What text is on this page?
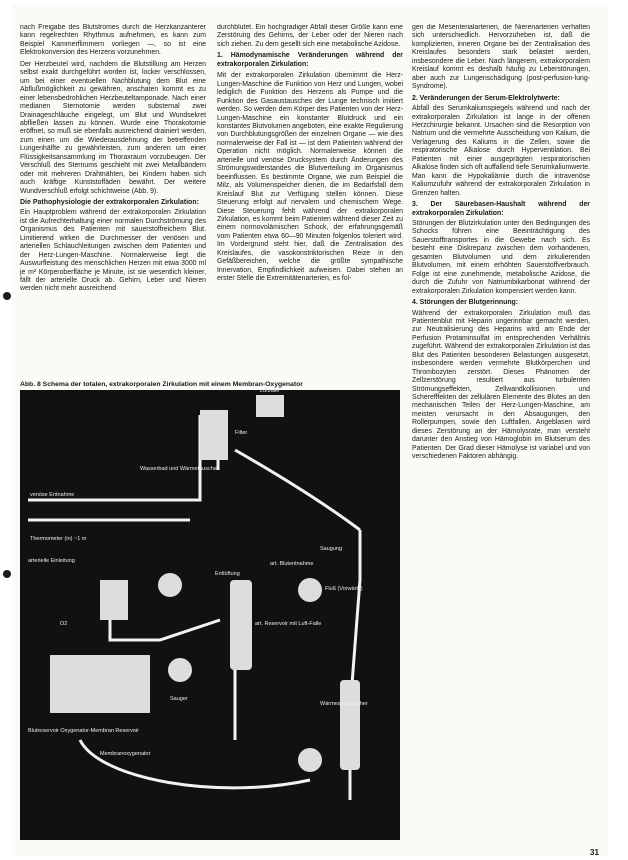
nach Freigabe des Blutstromes durch die Herzkanzanterer kann regelrechten Rhythmus aufnehmen, es kann zum Beispiel Kammerflimmern vorliegen —, so ist eine Elektrokonversion des Herzens vorzunehmen.

Der Herzbeutel wird, nachdem die Blutstillung am Herzen selbst exakt durchgeführt worden ist, locker verschlossen, um bei einer eventuellen Nachblutung dem Blut eine Abflußmöglichkeit zu gewähren, anschaten kommt es zu einer lebensbedrohlichen Herzbeuteltamponade. Nach einer medianen Sternotomie werden substernal zwei Drainageschläuche eingelegt, um Blut und Wundsekret abfließen lassen zu können. Wurde eine Thorakotomie eröffnet, so muß sie ebenfalls ausreichend drainiert werden, zum einen um die Wiederausdehnung der betreffenden Lungenhälfte zu gewährleisten, zum anderen um einer Flüssigkeitsansammlung im Thoraxraum vorzubeugen. Der Verschluß des Sternums geschieht mit zwei Metallbändern oder mit mehreren Drahtnähten, bei Kindern haben sich auch kräftige Kunststoffäden bewährt. Der weitere Wundverschluß erfolgt schichtweise (Abb. 9).

Die Pathophysiologie der extrakorporalen Zirkulation:

Ein Hauptproblem während der extrakorporalen Zirkulation ist die Aufrechterhaltung einer normalen Durchströmung des Organismus des Patienten mit sauerstoffreichem Blut. Limitierend wirken die Durchmesser der venösen und arteriellen Schlauchleitungen zwischen dem Patienten und der Herz-Lungen-Maschine. Normalerweise liegt die Auswurfleistung des menschlichen Herzen mit etwa 3000 ml je m² Körperoberfläche je Minute, ist sie wesentlich kleiner, fällt der arterielle Druck ab. Gehirn, Leber und Nieren werden nicht mehr ausreichend

durchblutet. Ein hochgradiger Abfall dieser Größe kann eine Zerstörung des Gehirns, der Leber oder der Nieren nach sich ziehen. Zu dem gesellt sich eine metabolische Azidose.

1. Hämodynamische Veränderungen während der extrakorporalen Zirkulation:

Mit der extrakorporalen Zirkulation übernimmt die Herz-Lungen-Maschine die Funktion von Herz und Lungen, wobei lediglich die Funktion des Herzens als Pumpe und die Funktion des Gasaustausches der Lunge technisch imitiert werden. So werden dem Körper des Patienten von der Herz-Lungen-Maschine ein konstanter Blutdruck und ein konstantes Blutvolumen angeboten, eine exakte Regulierung von Durchblutungsgrößen der einzelnen Organe — wie dies normalerweise der Fall ist — ist dem Patienten während der Operation nicht möglich. Normalerweise können die arterielle und venöse Drucksystem durch Änderungen des Strömungswiderstandes die Blutverteilung im Organismus beeinflussen. Es bestimmte Organe, wie zum Beispiel die Milz, als Volumenspeicher dienen, die im Bedarfsfall dem Kreislauf Blut zur Verfügung stellen können. Diese Steuerung erfolgt auf nervalem und chemischem Wege. Diese Steuerung fehlt während der extrakorporalen Zirkulation, es kommt beim Patienten während dieser Zeit zu einem normovolämischen Schock, der erfahrungsgemäß vom Patienten etwa 60—90 Minuten folgenlos toleriert wird. Im Vordergrund steht hier, daß die Zentralisation des Kreislaufes, die vasokonstriktorischen Reize in den Gefäßbereichen, welche die größte sympathische Innervation, Empfindlichkeit aufweisen. Dabei stehen an erster Stelle die Extremitätenarterien, es fol-

gen die Mesenterialarterien, die Nierenarterien verhalten sich unterschiedlich. Hervorzuheben ist, daß die komplizierten, inneren Organe bei der Zentralisation des Kreislaufes besonders stark belastet werden, insbesondere die Leber. Nach längerem, extrakorporalem Kreislauf kommt es deshalb häufig zu Leberstörungen, aber auch zur Lungenschädigung (post-perfusion-lung-Syndrome).

2. Veränderungen der Serum-Elektrolytwerte:

Abfall des Serumkaliumspiegels während und nach der extrakorporalen Zirkulation ist lange in der offenen Herzchirurgie bekannt. Ursachen sind die Resorption von Natrium und die vermehrte Ausscheidung von Kalium, die Verlagerung des Kaliums in die Zellen, sowie die respiratorische Alkalose durch Hyperventilation. Bei Patienten mit einer ausgeprägten respiratorischen Alkalose finden sich oft auffallend tiefe Serumkaliumwerte. Man kann die Hypokaliämie durch die intravenöse Kaliumzufuhr während der extrakorporalen Zirkulation in Grenzen halten.

3. Der Säurebasen-Haushalt während der extrakorporalen Zirkulation:

Störungen der Blutzirkulation unter den Bedingungen des Schocks führen eine Beeinträchtigung des Sauerstofftransportes in die Gewebe nach sich. Es besteht eine Diskrepanz zwischen dem vorhandenen, gesamten Blutvolumen und dem zirkulierenden Blutvolumen, mit einem erhöhten Sauerstoffverbrauch. Folge ist eine zunehmende, metabolische Azidose, die durch die Zufuhr von Natriumbikarbonat während der extrakorporalen Zirkulation kompensiert werden kann.

4. Störungen der Blutgerinnung:

Während der extrakorporalen Zirkulation muß das Patientenblut mit Heparin ungerinnbar gemacht werden, zur Neutralisierung des Heparins wird am Ende der Perfusion Protaminsulfat im entsprechenden Verhältnis zugeführt. Während der extrakorporalen Zirkulation ist das Blut des Patienten besonderen Belastungen ausgesetzt, insbesondere werden vermehrte Blutkörperchen und Thrombozyten zerstört. Dieses Phänomen der Zellzerstörung resultiert aus turbulenten Strömungseffekten, Zellwandkollisionen und Scherefffekten der zellulären Elemente des Blutes an den mechanischen Teilen der Herz-Lungen-Maschine, am meisten verursacht in den Absaugungen, den Rollerpumpen, sowie den Luftfallen. Angeblasen wird dieses Zerstörung an der Hämolysrate, man versteht darunter den Anstieg von Hämoglobin im Blutserum des Patienten. Der Grad dieser Hämolyse ist variabel und von verschiedenen Faktoren abhängig.

Abb. 8 Schema der totalen, extrakorporalen Zirkulation mit einem Membran-Oxygenator
venöse Entnahme
Thermometer (in) ~1 m
Filter
Luftfalle
Wasserbad und Wärmetauscher
Saugung
art. Blutentnahme
Fluß (Vorwärts)
Entlüftung
art. Reservoir mit Luft-Falle
Wärmeaustauscher
O2
Blutreservoir Oxygenator-Membran Reservoir
Membranoxygenator
arterielle Einleitung
Sauger
31
